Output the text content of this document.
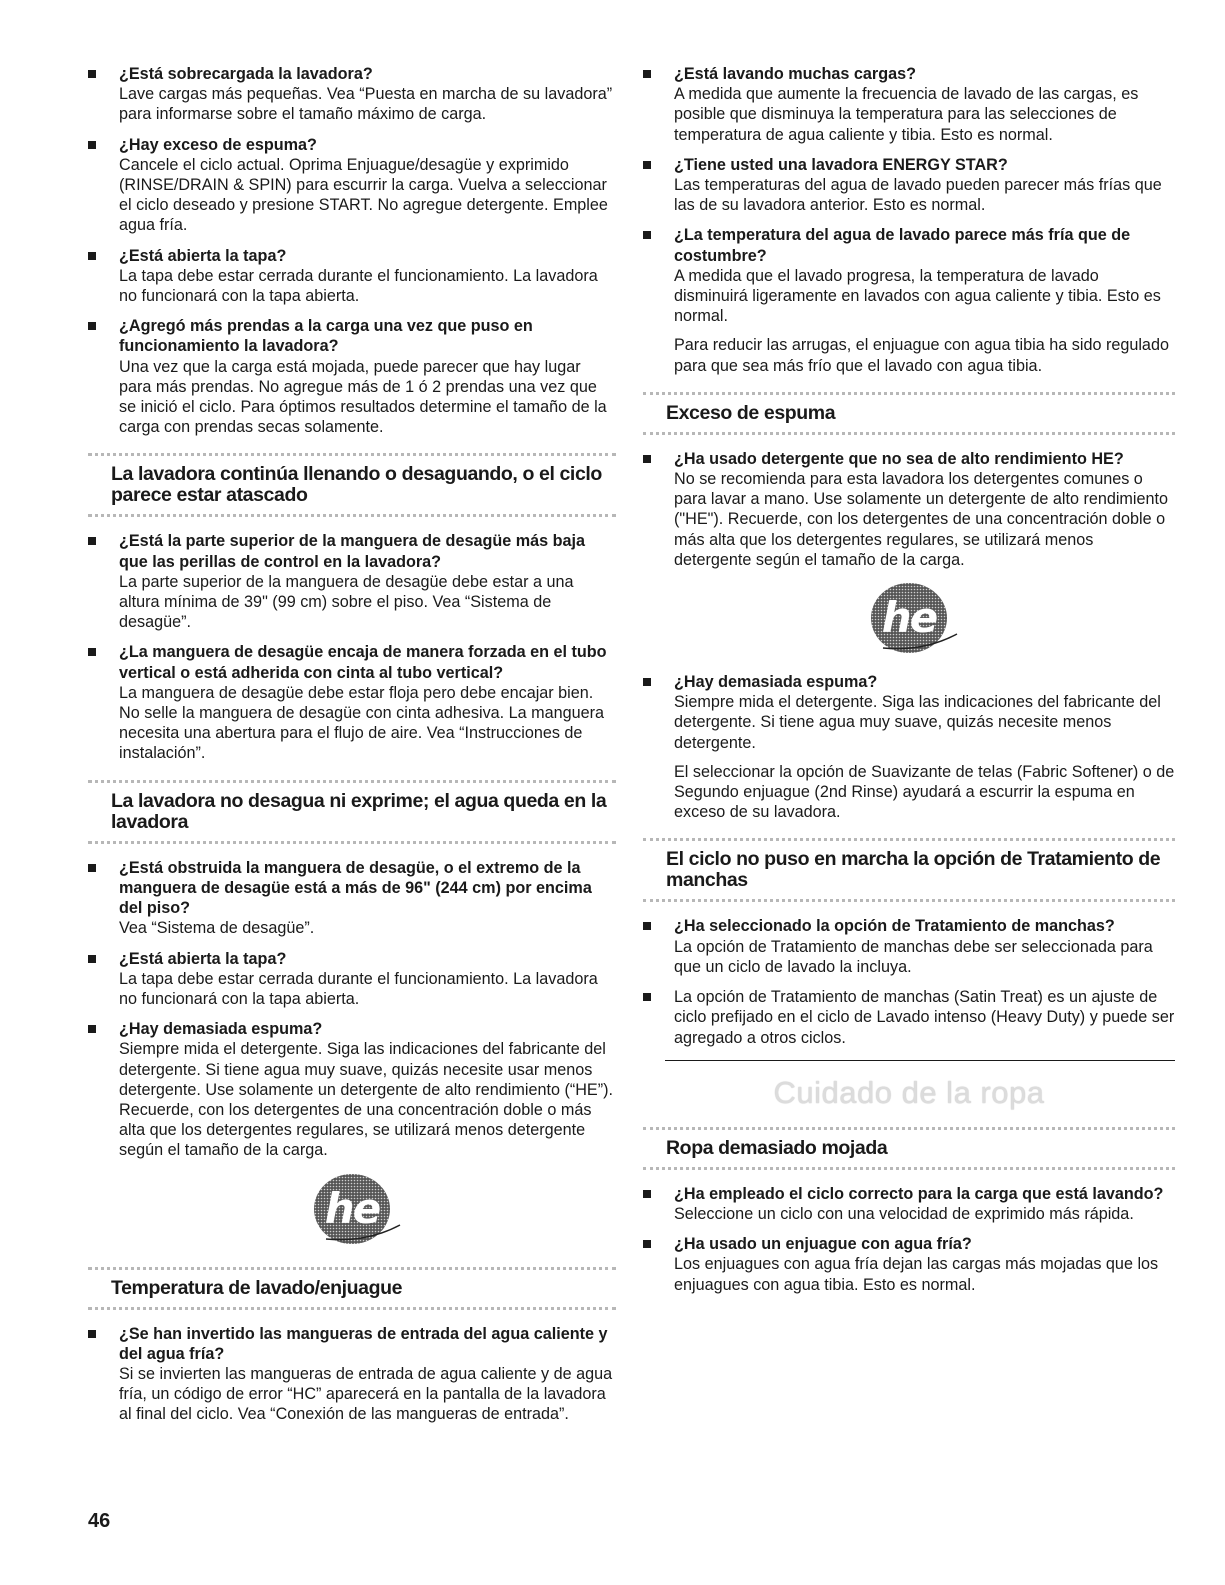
¿Está sobrecargada la lavadora?
Lave cargas más pequeñas. Vea “Puesta en marcha de su lavadora” para informarse sobre el tamaño máximo de carga.
¿Hay exceso de espuma?
Cancele el ciclo actual. Oprima Enjuague/desagüe y exprimido (RINSE/DRAIN & SPIN) para escurrir la carga. Vuelva a seleccionar el ciclo deseado y presione START. No agregue detergente. Emplee agua fría.
¿Está abierta la tapa?
La tapa debe estar cerrada durante el funcionamiento. La lavadora no funcionará con la tapa abierta.
¿Agregó más prendas a la carga una vez que puso en funcionamiento la lavadora?
Una vez que la carga está mojada, puede parecer que hay lugar para más prendas. No agregue más de 1 ó 2 prendas una vez que se inició el ciclo. Para óptimos resultados determine el tamaño de la carga con prendas secas solamente.
La lavadora continúa llenando o desaguando, o el ciclo parece estar atascado
¿Está la parte superior de la manguera de desagüe más baja que las perillas de control en la lavadora?
La parte superior de la manguera de desagüe debe estar a una altura mínima de 39" (99 cm) sobre el piso. Vea “Sistema de desagüe”.
¿La manguera de desagüe encaja de manera forzada en el tubo vertical o está adherida con cinta al tubo vertical?
La manguera de desagüe debe estar floja pero debe encajar bien. No selle la manguera de desagüe con cinta adhesiva. La manguera necesita una abertura para el flujo de aire. Vea “Instrucciones de instalación”.
La lavadora no desagua ni exprime; el agua queda en la lavadora
¿Está obstruida la manguera de desagüe, o el extremo de la manguera de desagüe está a más de 96" (244 cm) por encima del piso?
Vea “Sistema de desagüe”.
¿Está abierta la tapa?
La tapa debe estar cerrada durante el funcionamiento. La lavadora no funcionará con la tapa abierta.
¿Hay demasiada espuma?
Siempre mida el detergente. Siga las indicaciones del fabricante del detergente. Si tiene agua muy suave, quizás necesite usar menos detergente. Use solamente un detergente de alto rendimiento (“HE”). Recuerde, con los detergentes de una concentración doble o más alta que los detergentes regulares, se utilizará menos detergente según el tamaño de la carga.
he
Temperatura de lavado/enjuague
¿Se han invertido las mangueras de entrada del agua caliente y del agua fría?
Si se invierten las mangueras de entrada de agua caliente y de agua fría, un código de error “HC” aparecerá en la pantalla de la lavadora al final del ciclo. Vea “Conexión de las mangueras de entrada”.
¿Está lavando muchas cargas?
A medida que aumente la frecuencia de lavado de las cargas, es posible que disminuya la temperatura para las selecciones de temperatura de agua caliente y tibia. Esto es normal.
¿Tiene usted una lavadora ENERGY STAR?
Las temperaturas del agua de lavado pueden parecer más frías que las de su lavadora anterior. Esto es normal.
¿La temperatura del agua de lavado parece más fría que de costumbre?
A medida que el lavado progresa, la temperatura de lavado disminuirá ligeramente en lavados con agua caliente y tibia. Esto es normal.
Para reducir las arrugas, el enjuague con agua tibia ha sido regulado para que sea más frío que el lavado con agua tibia.
Exceso de espuma
¿Ha usado detergente que no sea de alto rendimiento HE?
No se recomienda para esta lavadora los detergentes comunes o para lavar a mano. Use solamente un detergente de alto rendimiento ("HE"). Recuerde, con los detergentes de una concentración doble o más alta que los detergentes regulares, se utilizará menos detergente según el tamaño de la carga.
he
¿Hay demasiada espuma?
Siempre mida el detergente. Siga las indicaciones del fabricante del detergente. Si tiene agua muy suave, quizás necesite menos detergente.
El seleccionar la opción de Suavizante de telas (Fabric Softener) o de Segundo enjuague (2nd Rinse) ayudará a escurrir la espuma en exceso de su lavadora.
El ciclo no puso en marcha la opción de Tratamiento de manchas
¿Ha seleccionado la opción de Tratamiento de manchas?
La opción de Tratamiento de manchas debe ser seleccionada para que un ciclo de lavado la incluya.
La opción de Tratamiento de manchas (Satin Treat) es un ajuste de ciclo prefijado en el ciclo de Lavado intenso (Heavy Duty) y puede ser agregado a otros ciclos.
Cuidado de la ropa
Ropa demasiado mojada
¿Ha empleado el ciclo correcto para la carga que está lavando?
Seleccione un ciclo con una velocidad de exprimido más rápida.
¿Ha usado un enjuague con agua fría?
Los enjuagues con agua fría dejan las cargas más mojadas que los enjuagues con agua tibia. Esto es normal.
46
